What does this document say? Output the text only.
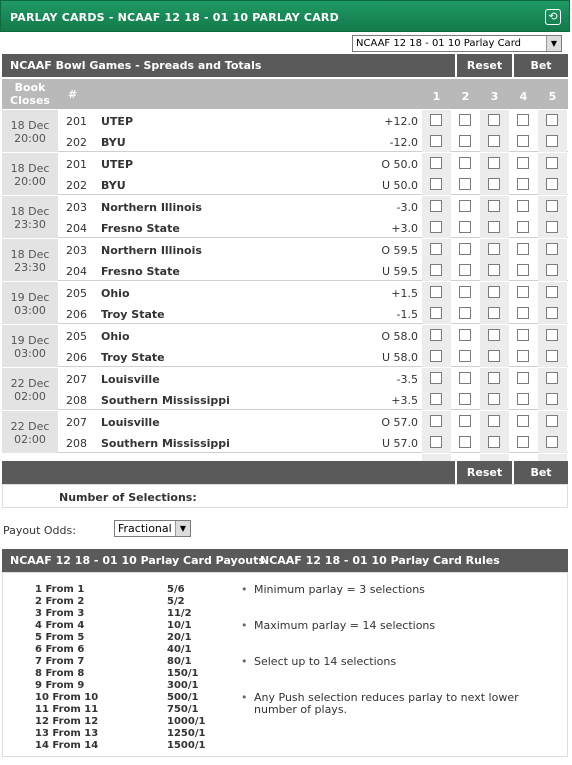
PARLAY CARDS - NCAAF 12 18 - 01 10 PARLAY CARD	⟲
NCAAF 12 18 - 01 10 Parlay Card	▼
NCAAF Bowl Games - Spreads and Totals	Reset	Bet
Book Closes	#	1	2	3	4	5
18 Dec
20:00
201 UTEP	+12.0
202 BYU	-12.0
18 Dec
20:00
201 UTEP	O 50.0
202 BYU	U 50.0
18 Dec
23:30
203 Northern Illinois	-3.0
204 Fresno State	+3.0
18 Dec
23:30
203 Northern Illinois	O 59.5
204 Fresno State	U 59.5
19 Dec
03:00
205 Ohio	+1.5
206 Troy State	-1.5
19 Dec
03:00
205 Ohio	O 58.0
206 Troy State	U 58.0
22 Dec
02:00
207 Louisville	-3.5
208 Southern Mississippi	+3.5
22 Dec
02:00
207 Louisville	O 57.0
208 Southern Mississippi	U 57.0
Reset	Bet
Number of Selections:
Payout Odds:	Fractional	▼
NCAAF 12 18 - 01 10 Parlay Card Payouts
NCAAF 12 18 - 01 10 Parlay Card Rules
1 From 1	5/6
2 From 2	5/2
3 From 3	11/2
4 From 4	10/1
5 From 5	20/1
6 From 6	40/1
7 From 7	80/1
8 From 8	150/1
9 From 9	300/1
10 From 10	500/1
11 From 11	750/1
12 From 12	1000/1
13 From 13	1250/1
14 From 14	1500/1
• Minimum parlay = 3 selections
• Maximum parlay = 14 selections
• Select up to 14 selections
• Any Push selection reduces parlay to next lower number of plays.
